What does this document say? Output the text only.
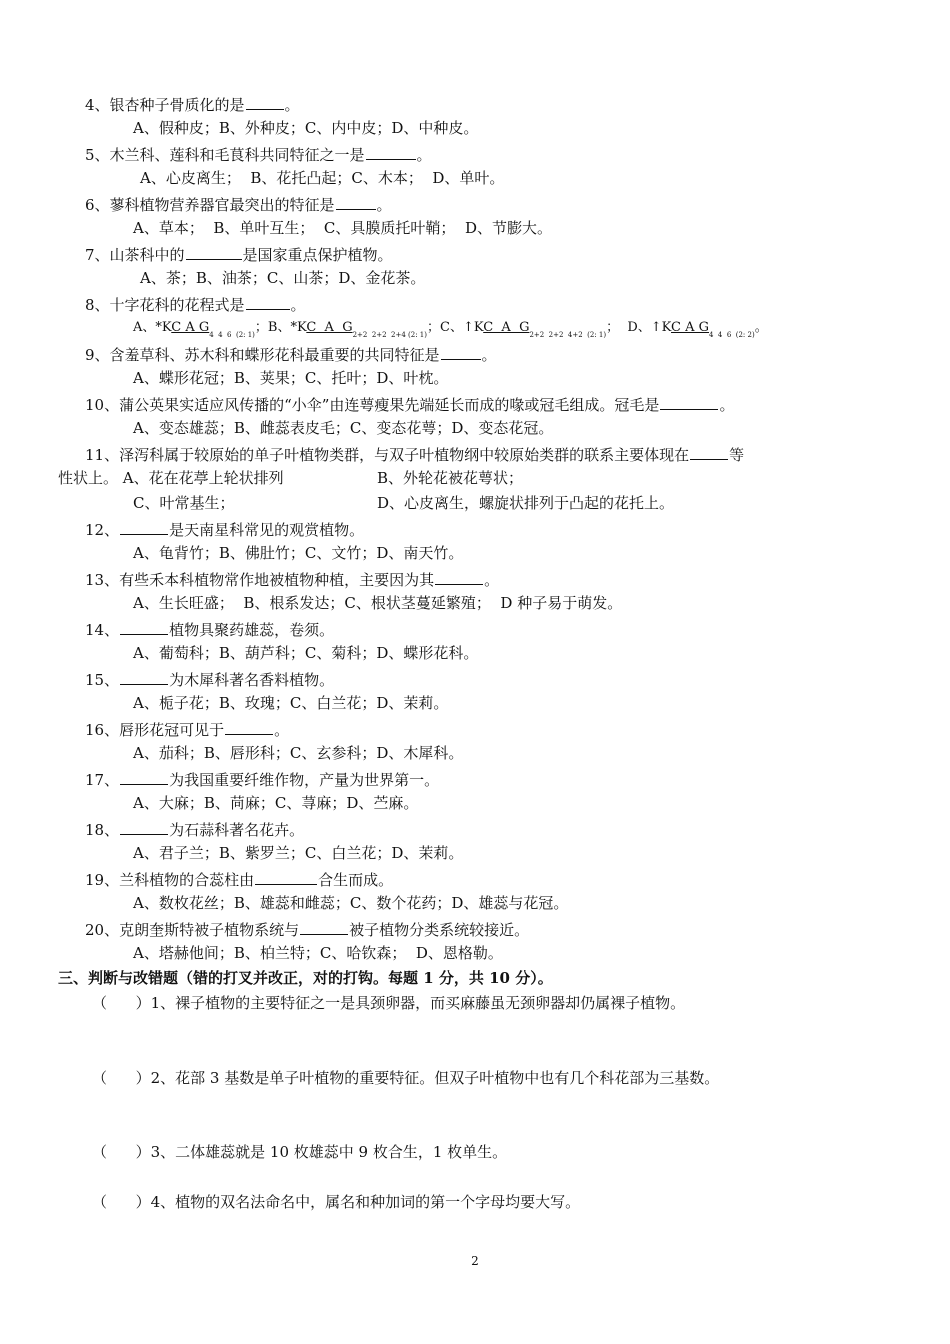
4、银杏种子骨质化的是	。
A、假种皮；B、外种皮；C、内中皮；D、中种皮。
5、木兰科、莲科和毛茛科共同特征之一是	。
A、心皮离生；  B、花托凸起；C、木本；  D、单叶。
6、蓼科植物营养器官最突出的特征是	。
A、草本；  B、单叶互生；  C、具膜质托叶鞘；  D、节膨大。
7、山茶科中的	是国家重点保护植物。
A、茶；B、油茶；C、山茶；D、金花茶。
8、十字花科的花程式是	。
A、*KC A $G_{4 4 6 (2: 1)}$；B、*KC  A  $G_{2+2 2+2 2+4 (2: 1)}$；C、↑KC  A  $G_{2+2 2+2 4+2 (2: 1)}$；  D、↑KC A $G_{4 4 6 (2: 2)}$。
9、含羞草科、苏木科和蝶形花科最重要的共同特征是	。
A、蝶形花冠；B、荚果；C、托叶；D、叶枕。
10、蒲公英果实适应风传播的“小伞”由连萼瘦果先端延长而成的喙或冠毛组成。冠毛是	。
A、变态雄蕊；B、雌蕊表皮毛；C、变态花萼；D、变态花冠。
11、泽泻科属于较原始的单子叶植物类群，与双子叶植物纲中较原始类群的联系主要体现在	等
性状上。 A、花在花葶上轮状排列	B、外轮花被花萼状；
C、叶常基生；	D、心皮离生，螺旋状排列于凸起的花托上。
12、	是天南星科常见的观赏植物。
A、龟背竹；B、佛肚竹；C、文竹；D、南天竹。
13、有些禾本科植物常作地被植物种植，主要因为其	。
A、生长旺盛；  B、根系发达；C、根状茎蔓延繁殖；  D 种子易于萌发。
14、	植物具聚药雄蕊，卷须。
A、葡萄科；B、葫芦科；C、菊科；D、蝶形花科。
15、	为木犀科著名香料植物。
A、栀子花；B、玫瑰；C、白兰花；D、茉莉。
16、唇形花冠可见于	。
A、茄科；B、唇形科；C、玄参科；D、木犀科。
17、	为我国重要纤维作物，产量为世界第一。
A、大麻；B、苘麻；C、荨麻；D、苎麻。
18、	为石蒜科著名花卉。
A、君子兰；B、紫罗兰；C、白兰花；D、茉莉。
19、兰科植物的合蕊柱由	合生而成。
A、数枚花丝；B、雄蕊和雌蕊；C、数个花药；D、雄蕊与花冠。
20、克朗奎斯特被子植物系统与	被子植物分类系统较接近。
A、塔赫他间；B、柏兰特；C、哈钦森；  D、恩格勒。
三、判断与改错题（错的打叉并改正，对的打钩。每题 1 分，共 10 分）。
（      ）1、裸子植物的主要特征之一是具颈卵器，而买麻藤虽无颈卵器却仍属裸子植物。
（      ）2、花部 3 基数是单子叶植物的重要特征。但双子叶植物中也有几个科花部为三基数。
（      ）3、二体雄蕊就是 10 枚雄蕊中 9 枚合生，1 枚单生。
（      ）4、植物的双名法命名中，属名和种加词的第一个字母均要大写。
2
